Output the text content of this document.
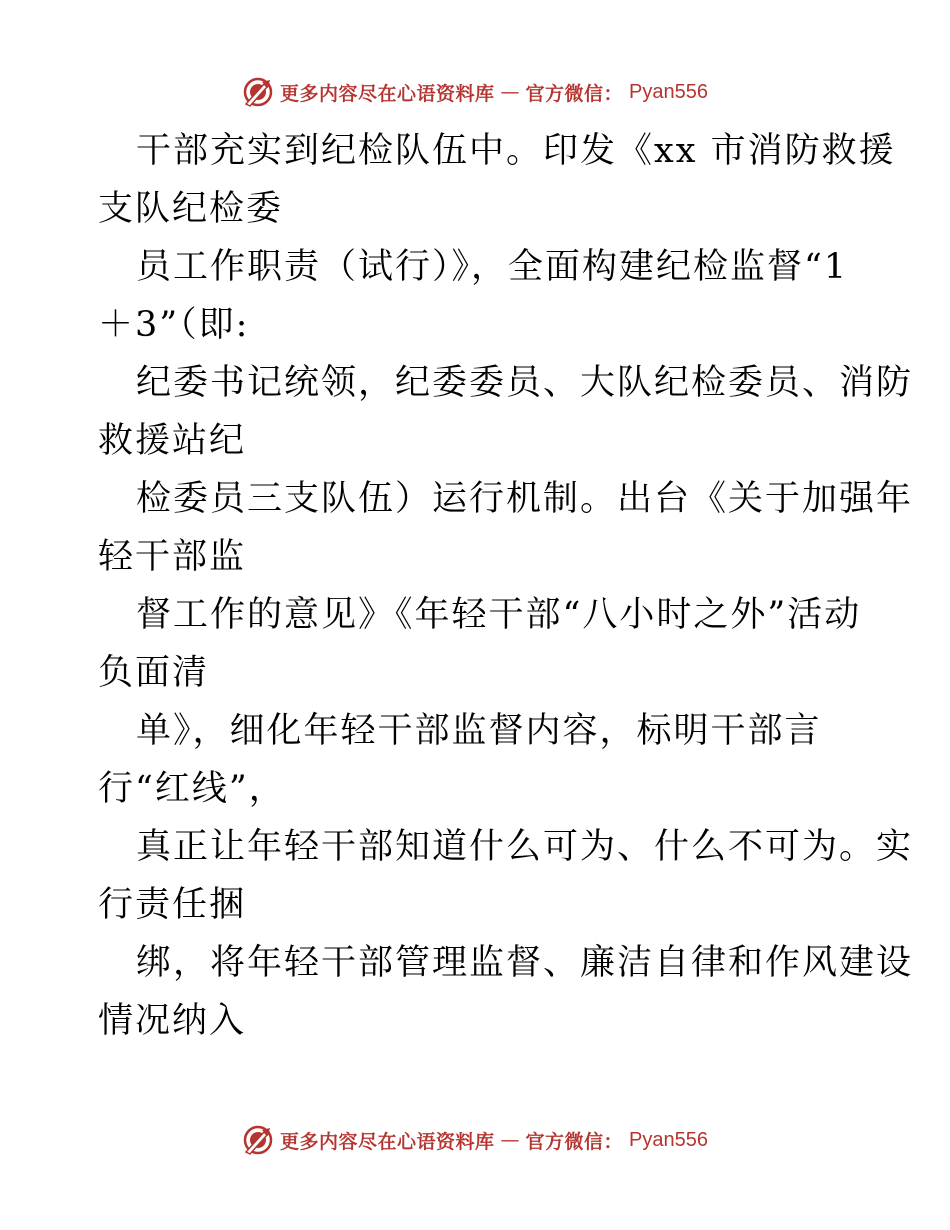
更多内容尽在心语资料库 — 官方微信： Pyan556
干部充实到纪检队伍中。印发《xx 市消防救援
支队纪检委
员工作职责（试行）》，全面构建纪检监督“1
＋3”（即:
纪委书记统领，纪委委员、大队纪检委员、消防
救援站纪
检委员三支队伍）运行机制。出台《关于加强年
轻干部监
督工作的意见》《年轻干部“八小时之外”活动
负面清
单》，细化年轻干部监督内容，标明干部言
行“红线”，
真正让年轻干部知道什么可为、什么不可为。实
行责任捆
绑，将年轻干部管理监督、廉洁自律和作风建设
情况纳入
更多内容尽在心语资料库 — 官方微信： Pyan556
